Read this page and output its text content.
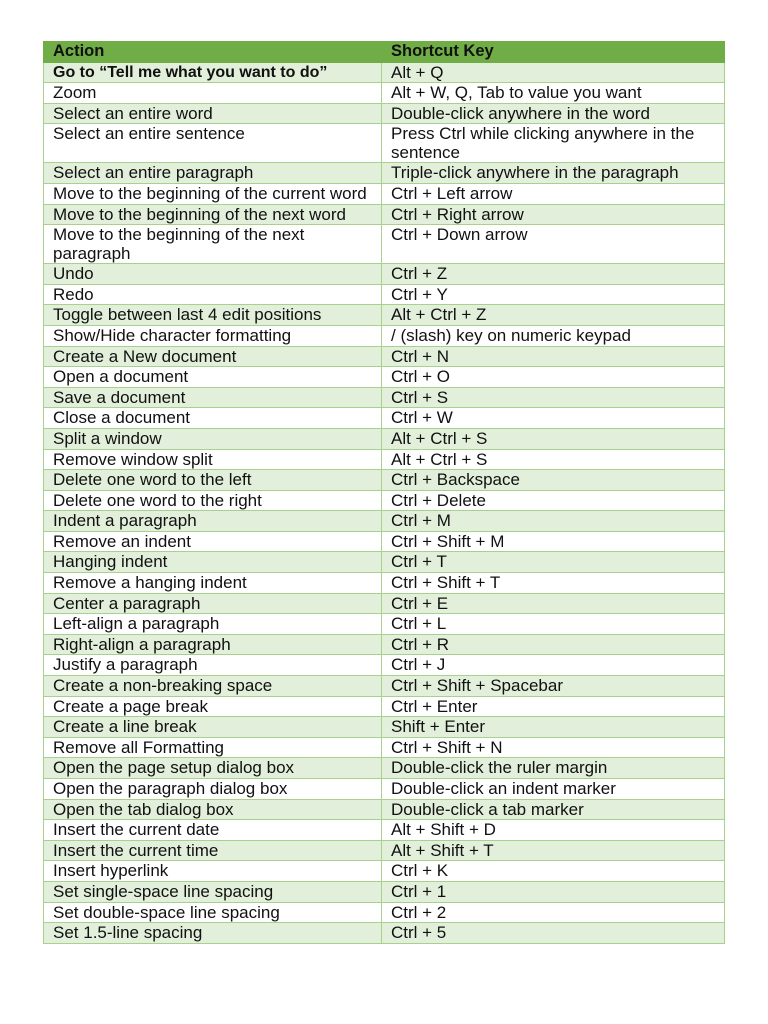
Action	Shortcut Key
Go to “Tell me what you want to do”	Alt + Q
Zoom	Alt + W, Q, Tab to value you want
Select an entire word	Double-click anywhere in the word
Select an entire sentence	Press Ctrl while clicking anywhere in the sentence
Select an entire paragraph	Triple-click anywhere in the paragraph
Move to the beginning of the current word	Ctrl + Left arrow
Move to the beginning of the next word	Ctrl + Right arrow
Move to the beginning of the next paragraph	Ctrl + Down arrow
Undo	Ctrl + Z
Redo	Ctrl + Y
Toggle between last 4 edit positions	Alt + Ctrl + Z
Show/Hide character formatting	/ (slash) key on numeric keypad
Create a New document	Ctrl + N
Open a document	Ctrl + O
Save a document	Ctrl + S
Close a document	Ctrl + W
Split a window	Alt + Ctrl + S
Remove window split	Alt + Ctrl + S
Delete one word to the left	Ctrl + Backspace
Delete one word to the right	Ctrl + Delete
Indent a paragraph	Ctrl + M
Remove an indent	Ctrl + Shift + M
Hanging indent	Ctrl + T
Remove a hanging indent	Ctrl + Shift + T
Center a paragraph	Ctrl + E
Left-align a paragraph	Ctrl + L
Right-align a paragraph	Ctrl + R
Justify a paragraph	Ctrl + J
Create a non-breaking space	Ctrl + Shift + Spacebar
Create a page break	Ctrl + Enter
Create a line break	Shift + Enter
Remove all Formatting	Ctrl + Shift + N
Open the page setup dialog box	Double-click the ruler margin
Open the paragraph dialog box	Double-click an indent marker
Open the tab dialog box	Double-click a tab marker
Insert the current date	Alt + Shift + D
Insert the current time	Alt + Shift + T
Insert hyperlink	Ctrl + K
Set single-space line spacing	Ctrl + 1
Set double-space line spacing	Ctrl + 2
Set 1.5-line spacing	Ctrl + 5
